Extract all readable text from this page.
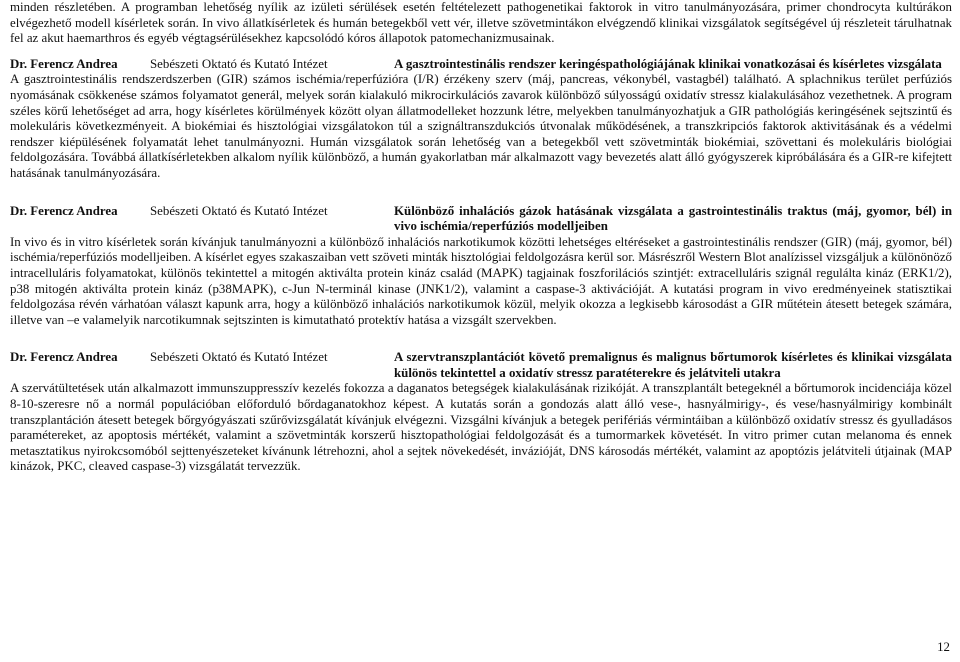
minden részletében. A programban lehetőség nyílik az izületi sérülések esetén feltételezett pathogenetikai faktorok in vitro tanulmányozására, primer chondrocyta kultúrákon elvégezhető modell kísérletek során. In vivo állatkísérletek és humán betegekből vett vér, illetve szövetmintákon elvégzendő klinikai vizsgálatok segítségével új részleteit tárulhatnak fel az akut haemarthros és egyéb végtagsérülésekhez kapcsolódó kóros állapotok patomechanizmusainak.

Dr. Ferencz Andrea	Sebészeti Oktató és Kutató Intézet	A gasztrointestinális rendszer keringéspathológiájának klinikai vonatkozásai és kísérletes vizsgálata

A gasztrointestinális rendszerdszerben (GIR) számos ischémia/reperfúzióra (I/R) érzékeny szerv (máj, pancreas, vékonybél, vastagbél) található. A splachnikus terület perfúziós nyomásának csökkenése számos folyamatot generál, melyek során kialakuló mikrocirkulációs zavarok különböző súlyosságú oxidatív stressz kialakulásához vezethetnek. A program széles körű lehetőséget ad arra, hogy kísérletes körülmények között olyan állatmodelleket hozzunk létre, melyekben tanulmányozhatjuk a GIR pathológiás keringésének sejtszintű és molekuláris következményeit. A biokémiai és hisztológiai vizsgálatokon túl a szignáltranszdukciós útvonalak működésének, a transzkripciós faktorok aktivitásának és a védelmi rendszer kiépülésének folyamatát lehet tanulmányozni. Humán vizsgálatok során lehetőség van a betegekből vett szövetminták biokémiai, szövettani és molekuláris biológiai feldolgozására. Továbbá állatkísérletekben alkalom nyílik különböző, a humán gyakorlatban már alkalmazott vagy bevezetés alatt álló gyógyszerek kipróbálására és a GIR-re kifejtett hatásának tanulmányozására.

Dr. Ferencz Andrea	Sebészeti Oktató és Kutató Intézet	Különböző inhalációs gázok hatásának vizsgálata a gastrointestinális traktus (máj, gyomor, bél) in vivo ischémia/reperfúziós modelljeiben

In vivo és in vitro kísérletek során kívánjuk tanulmányozni a különböző inhalációs narkotikumok közötti lehetséges eltéréseket a gastrointestinális rendszer (GIR) (máj, gyomor, bél) ischémia/reperfúziós modelljeiben. A kísérlet egyes szakaszaiban vett szöveti minták hisztológiai feldolgozásra kerül sor. Másrészről Western Blot analízissel vizsgáljuk a különönöző intracelluláris folyamatokat, különös tekintettel a mitogén aktiválta protein kináz család (MAPK) tagjainak foszforilációs szintjét: extracelluláris szignál regulálta kináz (ERK1/2), p38 mitogén aktiválta protein kináz (p38MAPK), c-Jun N-terminál kinase (JNK1/2), valamint a caspase-3 aktivációját. A kutatási program in vivo eredményeinek statisztikai feldolgozása révén várhatóan választ kapunk arra, hogy a különböző inhalációs narkotikumok közül, melyik okozza a legkisebb károsodást a GIR műtétein átesett betegek számára, illetve van –e valamelyik narcotikumnak sejtszinten is kimutatható protektív hatása a vizsgált szervekben.

Dr. Ferencz Andrea	Sebészeti Oktató és Kutató Intézet	A szervtranszplantációt követő premalignus és malignus bőrtumorok kísérletes és klinikai vizsgálata különös tekintettel a oxidatív stressz paratéterekre és jelátviteli utakra

A szervátültetések után alkalmazott immunszuppresszív kezelés fokozza a daganatos betegségek kialakulásának rizikóját. A transzplantált betegeknél a bőrtumorok incidenciája közel 8-10-szeresre nő a normál populációban előforduló bőrdaganatokhoz képest. A kutatás során a gondozás alatt álló vese-, hasnyálmirigy-, és vese/hasnyálmirigy kombinált transzplantáción átesett betegek bőrgyógyászati szűrővizsgálatát kívánjuk elvégezni. Vizsgálni kívánjuk a betegek perifériás vérmintáiban a különböző oxidatív stressz és gyulladásos paramétereket, az apoptosis mértékét, valamint a szövetminták korszerű hisztopathológiai feldolgozását és a tumormarkek követését. In vitro primer cutan melanoma és ennek metasztatikus nyirokcsomóból sejttenyészeteket kívánunk létrehozni, ahol a sejtek növekedését, invázióját, DNS károsodás mértékét, valamint az apoptózis jelátviteli útjainak (MAP kinázok, PKC, cleaved caspase-3) vizsgálatát tervezzük.

12
